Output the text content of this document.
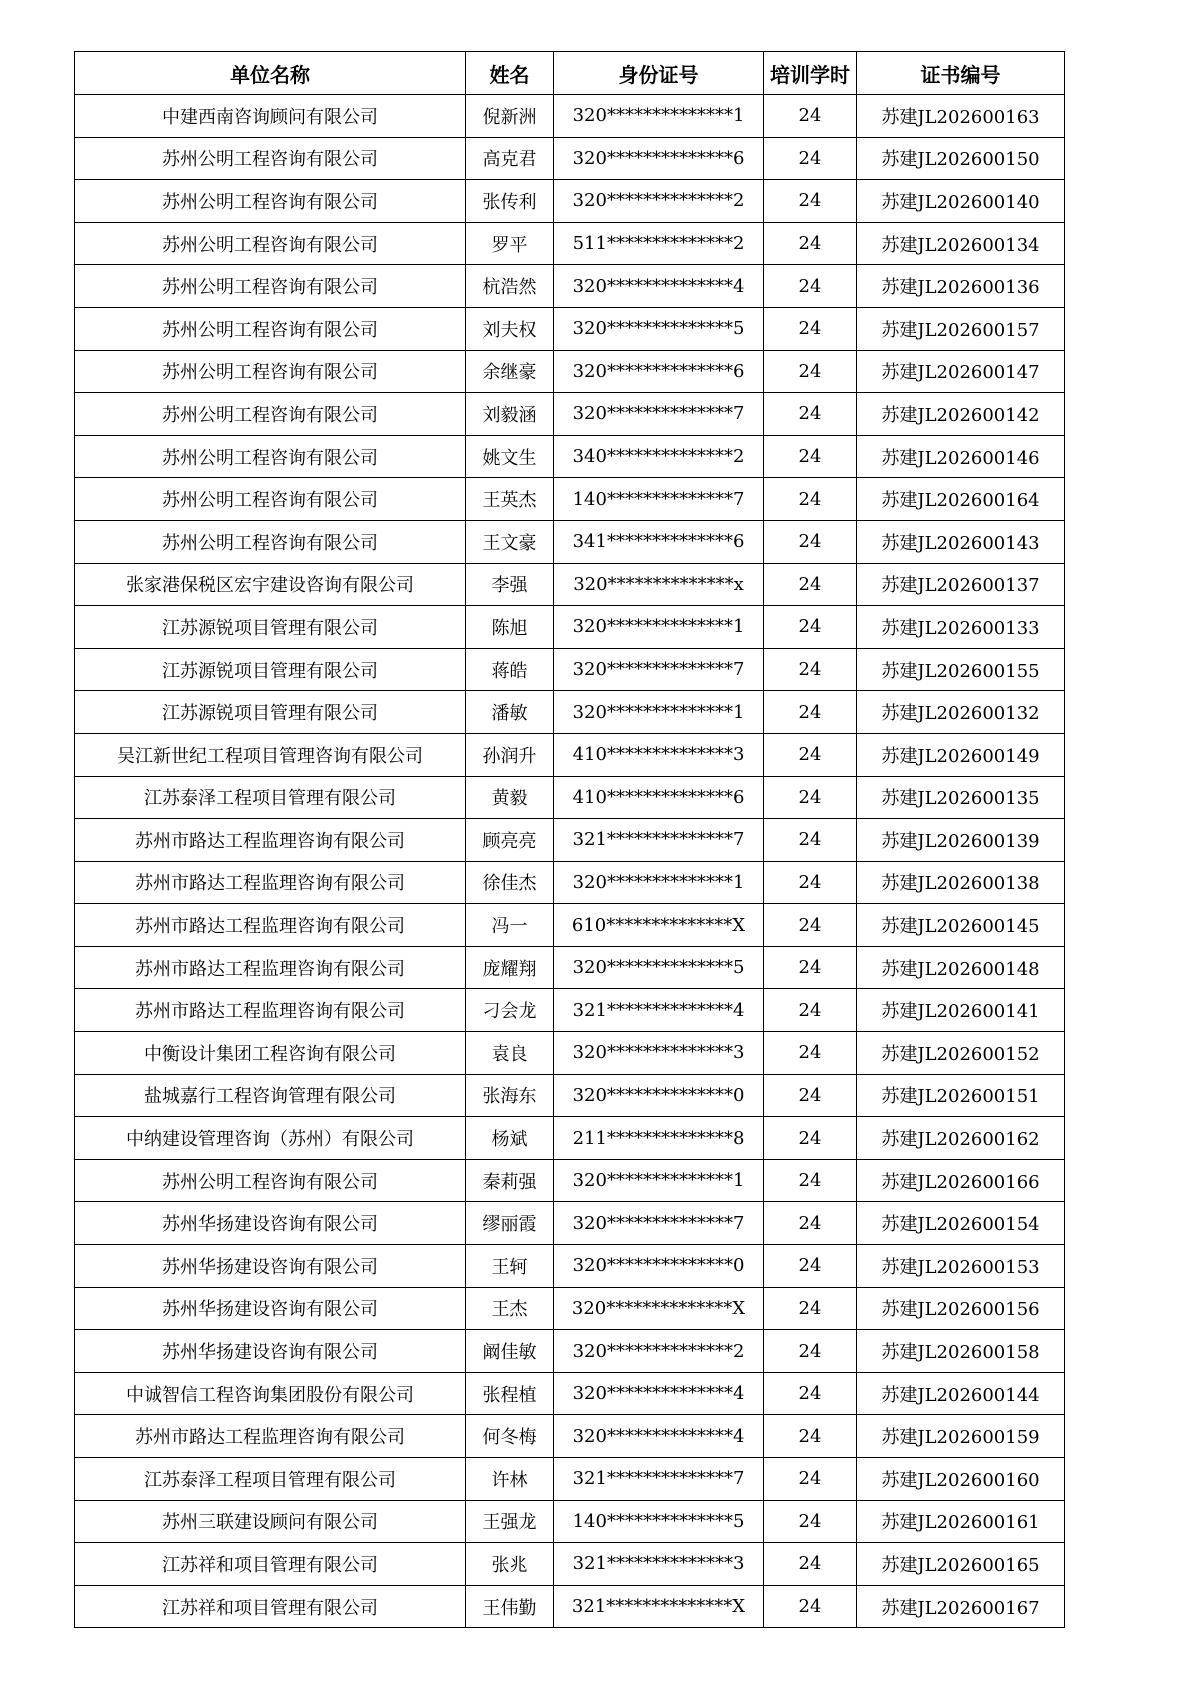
单位名称	姓名	身份证号	培训学时	证书编号
中建西南咨询顾问有限公司	倪新洲	320**************1	24	苏建JL202600163
苏州公明工程咨询有限公司	高克君	320**************6	24	苏建JL202600150
苏州公明工程咨询有限公司	张传利	320**************2	24	苏建JL202600140
苏州公明工程咨询有限公司	罗平	511**************2	24	苏建JL202600134
苏州公明工程咨询有限公司	杭浩然	320**************4	24	苏建JL202600136
苏州公明工程咨询有限公司	刘夫权	320**************5	24	苏建JL202600157
苏州公明工程咨询有限公司	余继豪	320**************6	24	苏建JL202600147
苏州公明工程咨询有限公司	刘毅涵	320**************7	24	苏建JL202600142
苏州公明工程咨询有限公司	姚文生	340**************2	24	苏建JL202600146
苏州公明工程咨询有限公司	王英杰	140**************7	24	苏建JL202600164
苏州公明工程咨询有限公司	王文豪	341**************6	24	苏建JL202600143
张家港保税区宏宇建设咨询有限公司	李强	320**************x	24	苏建JL202600137
江苏源锐项目管理有限公司	陈旭	320**************1	24	苏建JL202600133
江苏源锐项目管理有限公司	蒋皓	320**************7	24	苏建JL202600155
江苏源锐项目管理有限公司	潘敏	320**************1	24	苏建JL202600132
吴江新世纪工程项目管理咨询有限公司	孙润升	410**************3	24	苏建JL202600149
江苏泰泽工程项目管理有限公司	黄毅	410**************6	24	苏建JL202600135
苏州市路达工程监理咨询有限公司	顾亮亮	321**************7	24	苏建JL202600139
苏州市路达工程监理咨询有限公司	徐佳杰	320**************1	24	苏建JL202600138
苏州市路达工程监理咨询有限公司	冯一	610**************X	24	苏建JL202600145
苏州市路达工程监理咨询有限公司	庞耀翔	320**************5	24	苏建JL202600148
苏州市路达工程监理咨询有限公司	刁会龙	321**************4	24	苏建JL202600141
中衡设计集团工程咨询有限公司	袁良	320**************3	24	苏建JL202600152
盐城嘉行工程咨询管理有限公司	张海东	320**************0	24	苏建JL202600151
中纳建设管理咨询（苏州）有限公司	杨斌	211**************8	24	苏建JL202600162
苏州公明工程咨询有限公司	秦莉强	320**************1	24	苏建JL202600166
苏州华扬建设咨询有限公司	缪丽霞	320**************7	24	苏建JL202600154
苏州华扬建设咨询有限公司	王轲	320**************0	24	苏建JL202600153
苏州华扬建设咨询有限公司	王杰	320**************X	24	苏建JL202600156
苏州华扬建设咨询有限公司	阚佳敏	320**************2	24	苏建JL202600158
中诚智信工程咨询集团股份有限公司	张程植	320**************4	24	苏建JL202600144
苏州市路达工程监理咨询有限公司	何冬梅	320**************4	24	苏建JL202600159
江苏泰泽工程项目管理有限公司	许林	321**************7	24	苏建JL202600160
苏州三联建设顾问有限公司	王强龙	140**************5	24	苏建JL202600161
江苏祥和项目管理有限公司	张兆	321**************3	24	苏建JL202600165
江苏祥和项目管理有限公司	王伟勤	321**************X	24	苏建JL202600167
